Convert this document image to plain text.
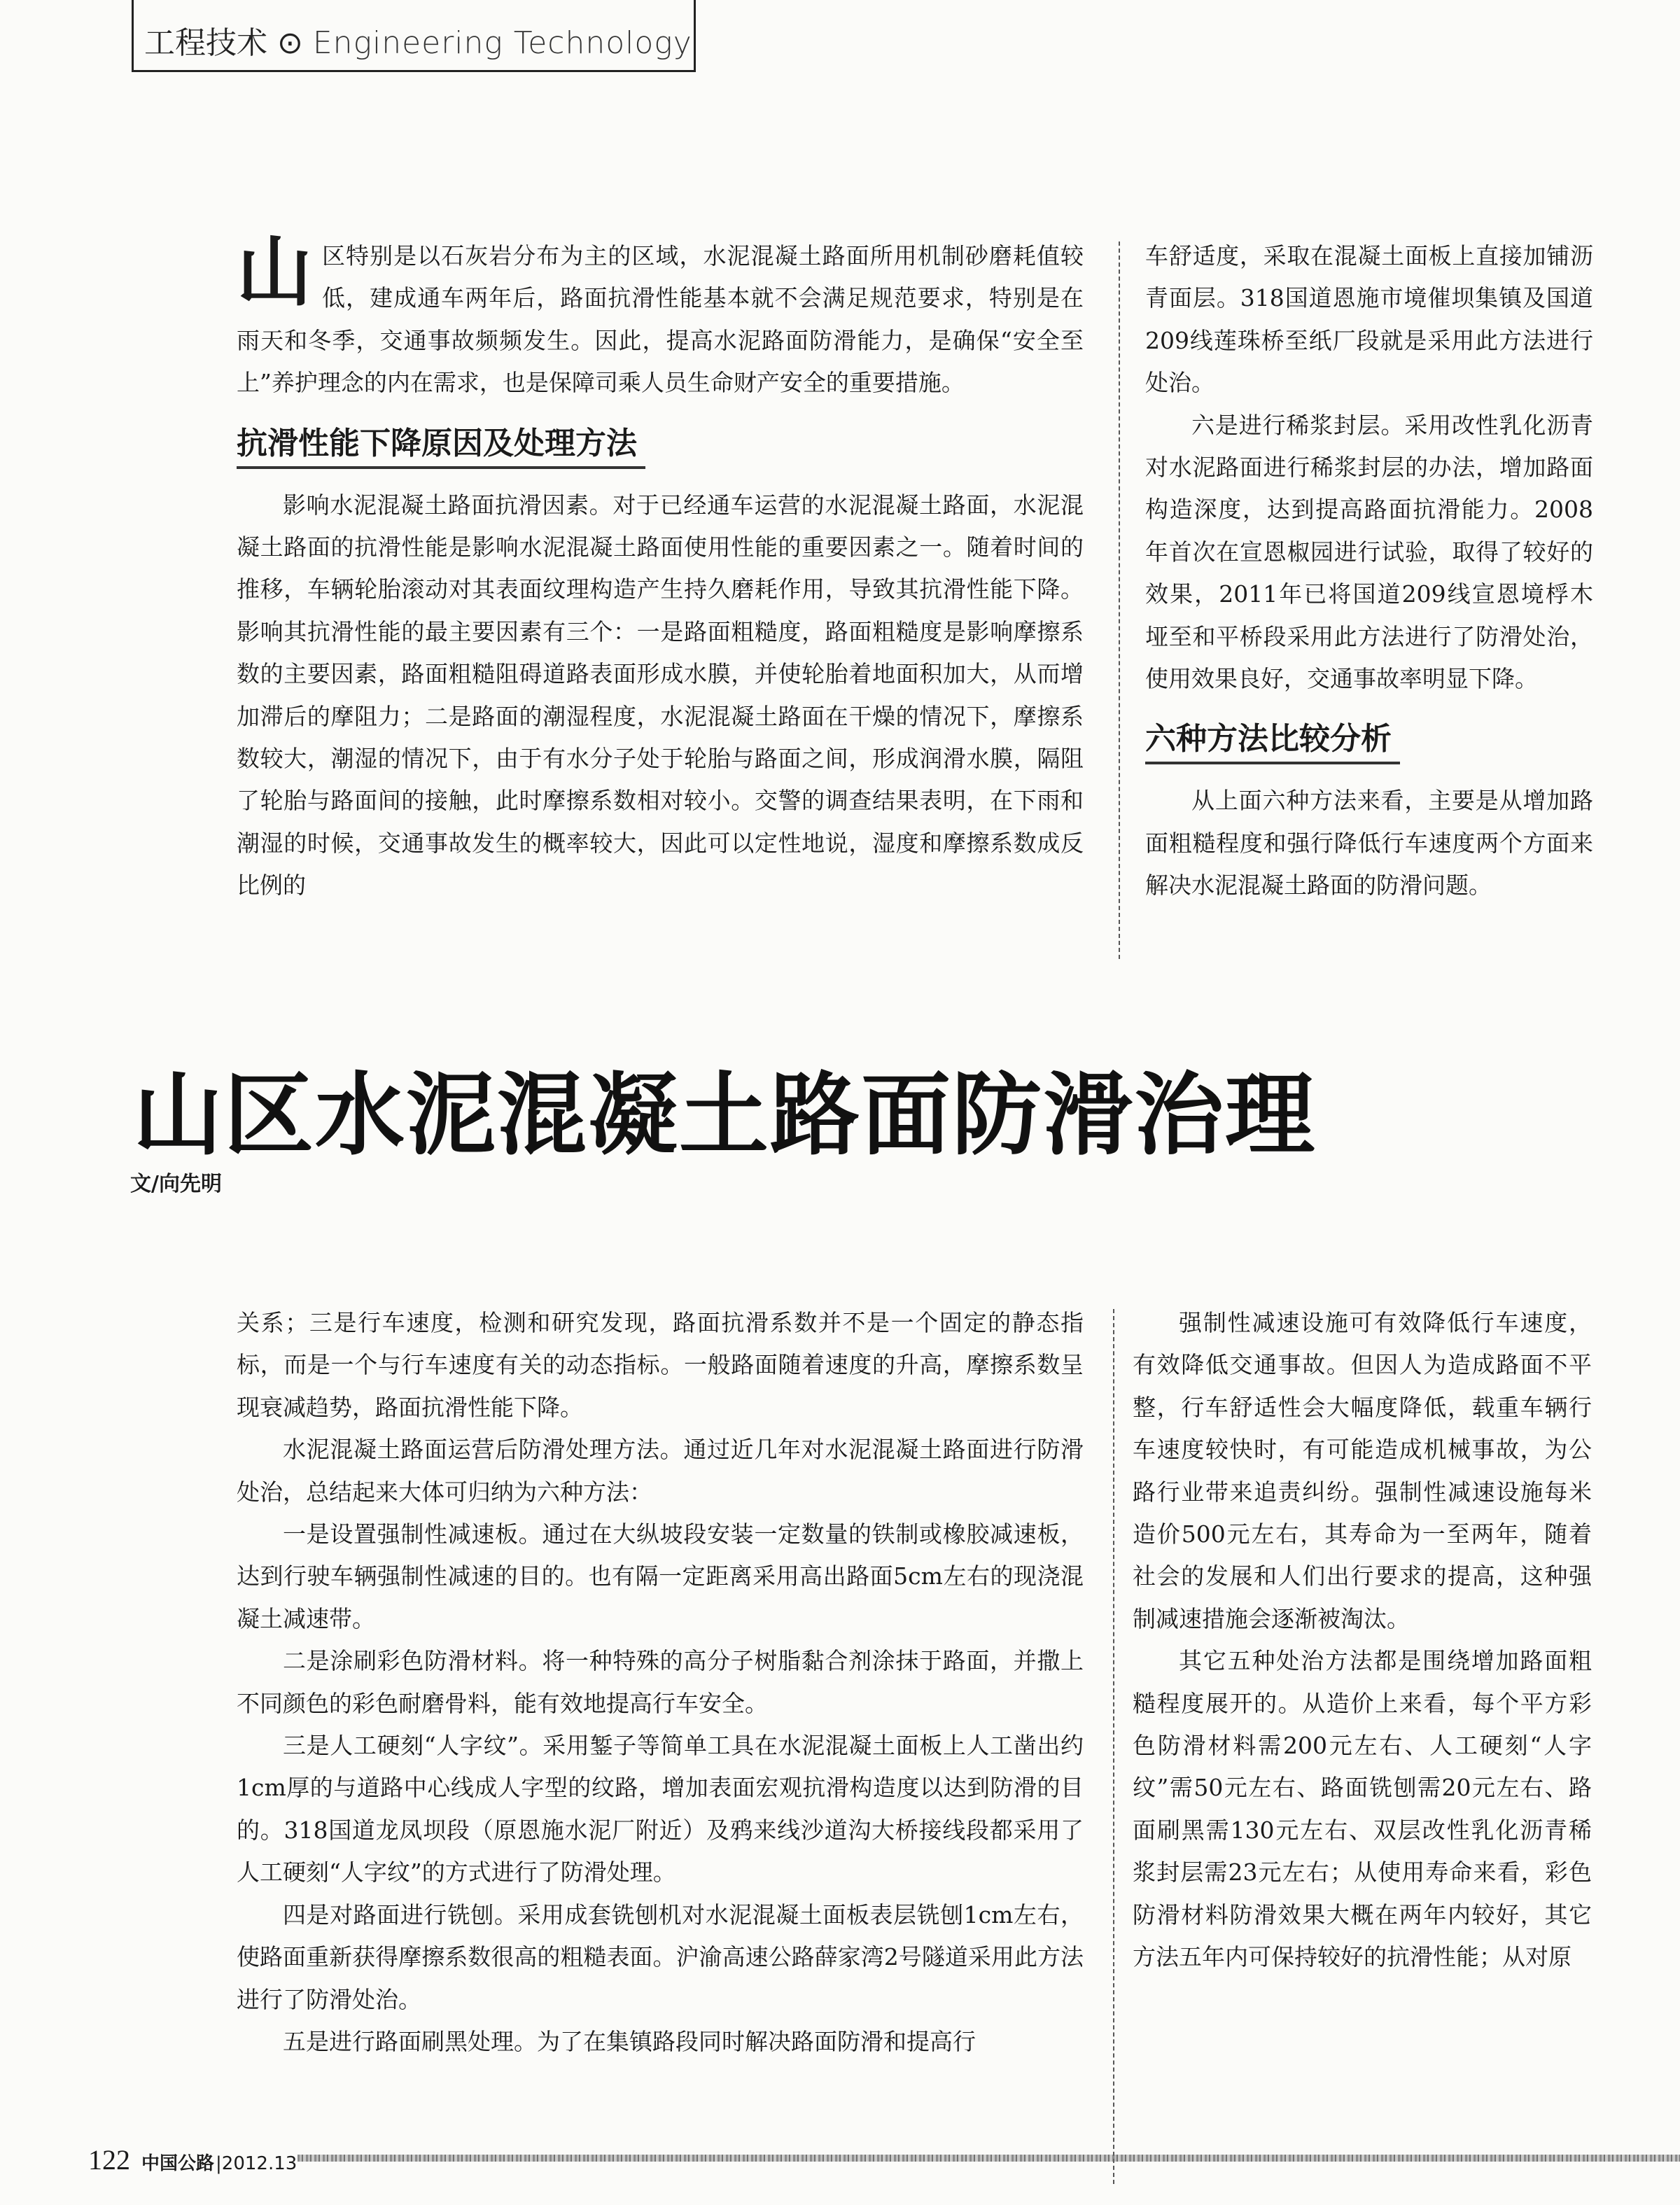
工程技术 ⊙ Engineering Technology

山区特别是以石灰岩分布为主的区域，水泥混凝土路面所用机制砂磨耗值较低，建成通车两年后，路面抗滑性能基本就不会满足规范要求，特别是在雨天和冬季，交通事故频频发生。因此，提高水泥路面防滑能力，是确保“安全至上”养护理念的内在需求，也是保障司乘人员生命财产安全的重要措施。

抗滑性能下降原因及处理方法

影响水泥混凝土路面抗滑因素。对于已经通车运营的水泥混凝土路面，水泥混凝土路面的抗滑性能是影响水泥混凝土路面使用性能的重要因素之一。随着时间的推移，车辆轮胎滚动对其表面纹理构造产生持久磨耗作用，导致其抗滑性能下降。影响其抗滑性能的最主要因素有三个：一是路面粗糙度，路面粗糙度是影响摩擦系数的主要因素，路面粗糙阻碍道路表面形成水膜，并使轮胎着地面积加大，从而增加滞后的摩阻力；二是路面的潮湿程度，水泥混凝土路面在干燥的情况下，摩擦系数较大，潮湿的情况下，由于有水分子处于轮胎与路面之间，形成润滑水膜，隔阻了轮胎与路面间的接触，此时摩擦系数相对较小。交警的调查结果表明，在下雨和潮湿的时候，交通事故发生的概率较大，因此可以定性地说，湿度和摩擦系数成反比例的

车舒适度，采取在混凝土面板上直接加铺沥青面层。318国道恩施市境催坝集镇及国道209线莲珠桥至纸厂段就是采用此方法进行处治。

六是进行稀浆封层。采用改性乳化沥青对水泥路面进行稀浆封层的办法，增加路面构造深度，达到提高路面抗滑能力。2008年首次在宣恩椒园进行试验，取得了较好的效果，2011年已将国道209线宣恩境桴木垭至和平桥段采用此方法进行了防滑处治，使用效果良好，交通事故率明显下降。

六种方法比较分析

从上面六种方法来看，主要是从增加路面粗糙程度和强行降低行车速度两个方面来解决水泥混凝土路面的防滑问题。

山区水泥混凝土路面防滑治理
文/向先明

关系；三是行车速度，检测和研究发现，路面抗滑系数并不是一个固定的静态指标，而是一个与行车速度有关的动态指标。一般路面随着速度的升高，摩擦系数呈现衰减趋势，路面抗滑性能下降。

水泥混凝土路面运营后防滑处理方法。通过近几年对水泥混凝土路面进行防滑处治，总结起来大体可归纳为六种方法：

一是设置强制性减速板。通过在大纵坡段安装一定数量的铁制或橡胶减速板，达到行驶车辆强制性减速的目的。也有隔一定距离采用高出路面5cm左右的现浇混凝土减速带。

二是涂刷彩色防滑材料。将一种特殊的高分子树脂黏合剂涂抹于路面，并撒上不同颜色的彩色耐磨骨料，能有效地提高行车安全。

三是人工硬刻“人字纹”。采用錾子等简单工具在水泥混凝土面板上人工凿出约1cm厚的与道路中心线成人字型的纹路，增加表面宏观抗滑构造度以达到防滑的目的。318国道龙凤坝段（原恩施水泥厂附近）及鸦来线沙道沟大桥接线段都采用了人工硬刻“人字纹”的方式进行了防滑处理。

四是对路面进行铣刨。采用成套铣刨机对水泥混凝土面板表层铣刨1cm左右，使路面重新获得摩擦系数很高的粗糙表面。沪渝高速公路薛家湾2号隧道采用此方法进行了防滑处治。

五是进行路面刷黑处理。为了在集镇路段同时解决路面防滑和提高行

强制性减速设施可有效降低行车速度，有效降低交通事故。但因人为造成路面不平整，行车舒适性会大幅度降低，载重车辆行车速度较快时，有可能造成机械事故，为公路行业带来追责纠纷。强制性减速设施每米造价500元左右，其寿命为一至两年，随着社会的发展和人们出行要求的提高，这种强制减速措施会逐渐被淘汰。

其它五种处治方法都是围绕增加路面粗糙程度展开的。从造价上来看，每个平方彩色防滑材料需200元左右、人工硬刻“人字纹”需50元左右、路面铣刨需20元左右、路面刷黑需130元左右、双层改性乳化沥青稀浆封层需23元左右；从使用寿命来看，彩色防滑材料防滑效果大概在两年内较好，其它方法五年内可保持较好的抗滑性能；从对原

122 中国公路 |2012.13
